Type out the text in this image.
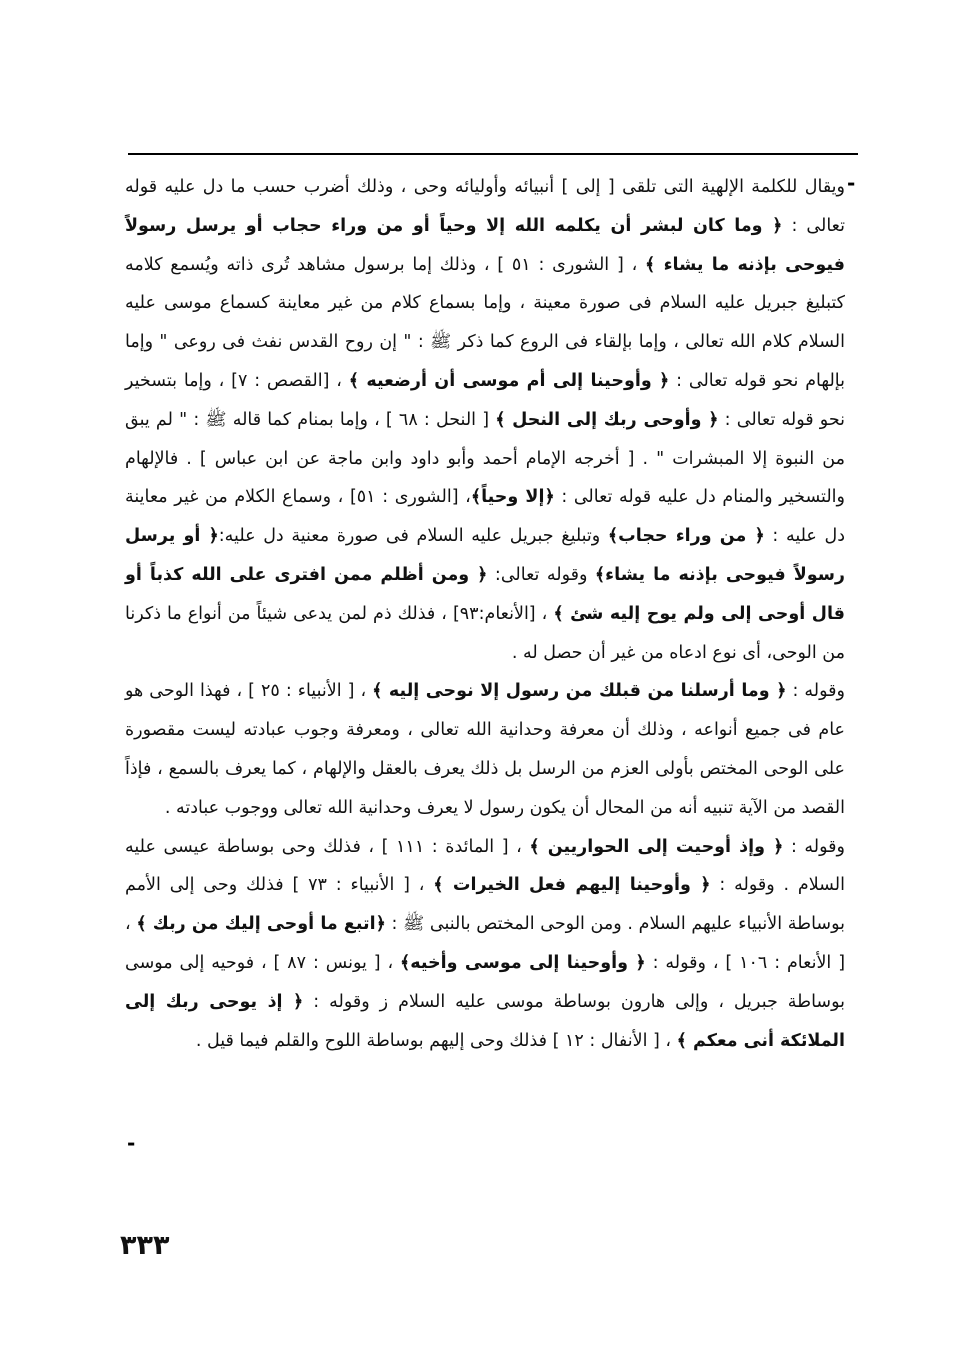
-

ويقال للكلمة الإلهية التى تلقى [ إلى ] أنبيائه وأوليائه وحى ، وذلك أضرب حسب ما دل عليه قوله تعالى : ﴿ وما كان لبشر أن يكلمه الله إلا وحياً أو من وراء حجاب أو يرسل رسولاً فيوحى بإذنه ما يشاء ﴾ ، [ الشورى : ٥١ ] ، وذلك إما برسول مشاهد تُرى ذاته ويُسمع كلامه كتبليغ جبريل عليه السلام فى صورة معينة ، وإما بسماع كلام من غير معاينة كسماع موسى عليه السلام كلام الله تعالى ، وإما بإلقاء فى الروع كما ذكر ﷺ : " إن روح القدس نفث فى روعى " وإما بإلهام نحو قوله تعالى : ﴿ وأوحينا إلى أم موسى أن أرضعيه ﴾ ، [القصص : ٧] ، وإما بتسخير نحو قوله تعالى : ﴿ وأوحى ربك إلى النحل ﴾ [ النحل : ٦٨ ] ، وإما بمنام كما قاله ﷺ : " لم يبق من النبوة إلا المبشرات " . [ أخرجه الإمام أحمد وأبو داود وابن ماجة عن ابن عباس ] . فالإلهام والتسخير والمنام دل عليه قوله تعالى : ﴿إلا وحياً﴾، [الشورى : ٥١] ، وسماع الكلام من غير معاينة دل عليه : ﴿ من وراء حجاب﴾ وتبليغ جبريل عليه السلام فى صورة معنية دل عليه:﴿ أو يرسل رسولاً فيوحى بإذنه ما يشاء﴾ وقوله تعالى: ﴿ ومن أظلم ممن افترى على الله كذباً أو قال أوحى إلى ولم يوح إليه شئ ﴾ ، [الأنعام:٩٣] ، فذلك ذم لمن يدعى شيئاً من أنواع ما ذكرنا من الوحى، أى نوع ادعاه من غير أن حصل له .

وقوله : ﴿ وما أرسلنا من قبلك من رسول إلا نوحى إليه ﴾ ، [ الأنبياء : ٢٥ ] ، فهذا الوحى هو عام فى جميع أنواعه ، وذلك أن معرفة وحدانية الله تعالى ، ومعرفة وجوب عبادته ليست مقصورة على الوحى المختص بأولى العزم من الرسل بل ذلك يعرف بالعقل والإلهام ، كما يعرف بالسمع ، فإذاً القصد من الآية تنبيه أنه من المحال أن يكون رسول لا يعرف وحدانية الله تعالى ووجوب عبادته .

وقوله : ﴿ وإذ أوحيت إلى الحواريين ﴾ ، [ المائدة : ١١١ ] ، فذلك وحى بوساطة عيسى عليه السلام . وقوله : ﴿ وأوحينا إليهم فعل الخيرات ﴾ ، [ الأنبياء : ٧٣ ] فذلك وحى إلى الأمم بوساطة الأنبياء عليهم السلام . ومن الوحى المختص بالنبى ﷺ : ﴿اتبع ما أوحى إليك من ربك ﴾ ، [ الأنعام : ١٠٦ ] ، وقوله : ﴿ وأوحينا إلى موسى وأخيه﴾ ، [ يونس : ٨٧ ] ، فوحيه إلى موسى بوساطة جبريل ، وإلى هارون بوساطة موسى عليه السلام ز وقوله : ﴿ إذ يوحى ربك إلى الملائكة أنى معكم ﴾ ، [ الأنفال : ١٢ ] فذلك وحى إليهم بوساطة اللوح والقلم فيما قيل .

-
٣٣٣
